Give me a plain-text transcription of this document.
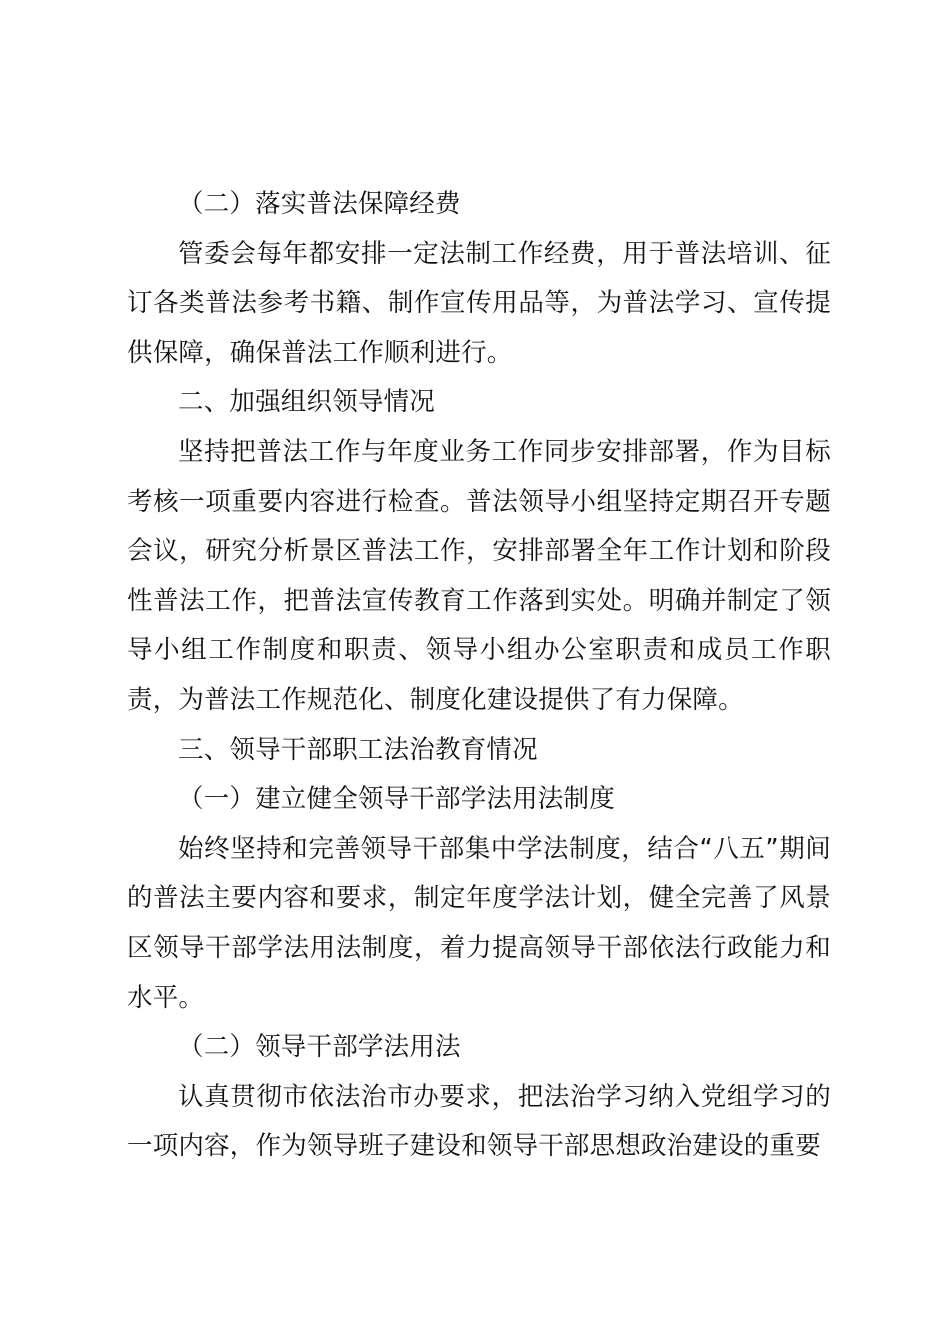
（二）落实普法保障经费

管委会每年都安排一定法制工作经费，用于普法培训、征订各类普法参考书籍、制作宣传用品等，为普法学习、宣传提供保障，确保普法工作顺利进行。

二、加强组织领导情况

坚持把普法工作与年度业务工作同步安排部署，作为目标考核一项重要内容进行检查。普法领导小组坚持定期召开专题会议，研究分析景区普法工作，安排部署全年工作计划和阶段性普法工作，把普法宣传教育工作落到实处。明确并制定了领导小组工作制度和职责、领导小组办公室职责和成员工作职责，为普法工作规范化、制度化建设提供了有力保障。

三、领导干部职工法治教育情况

（一）建立健全领导干部学法用法制度

始终坚持和完善领导干部集中学法制度，结合“八五”期间的普法主要内容和要求，制定年度学法计划，健全完善了风景区领导干部学法用法制度，着力提高领导干部依法行政能力和水平。

（二）领导干部学法用法

认真贯彻市依法治市办要求，把法治学习纳入党组学习的一项内容，作为领导班子建设和领导干部思想政治建设的重要
